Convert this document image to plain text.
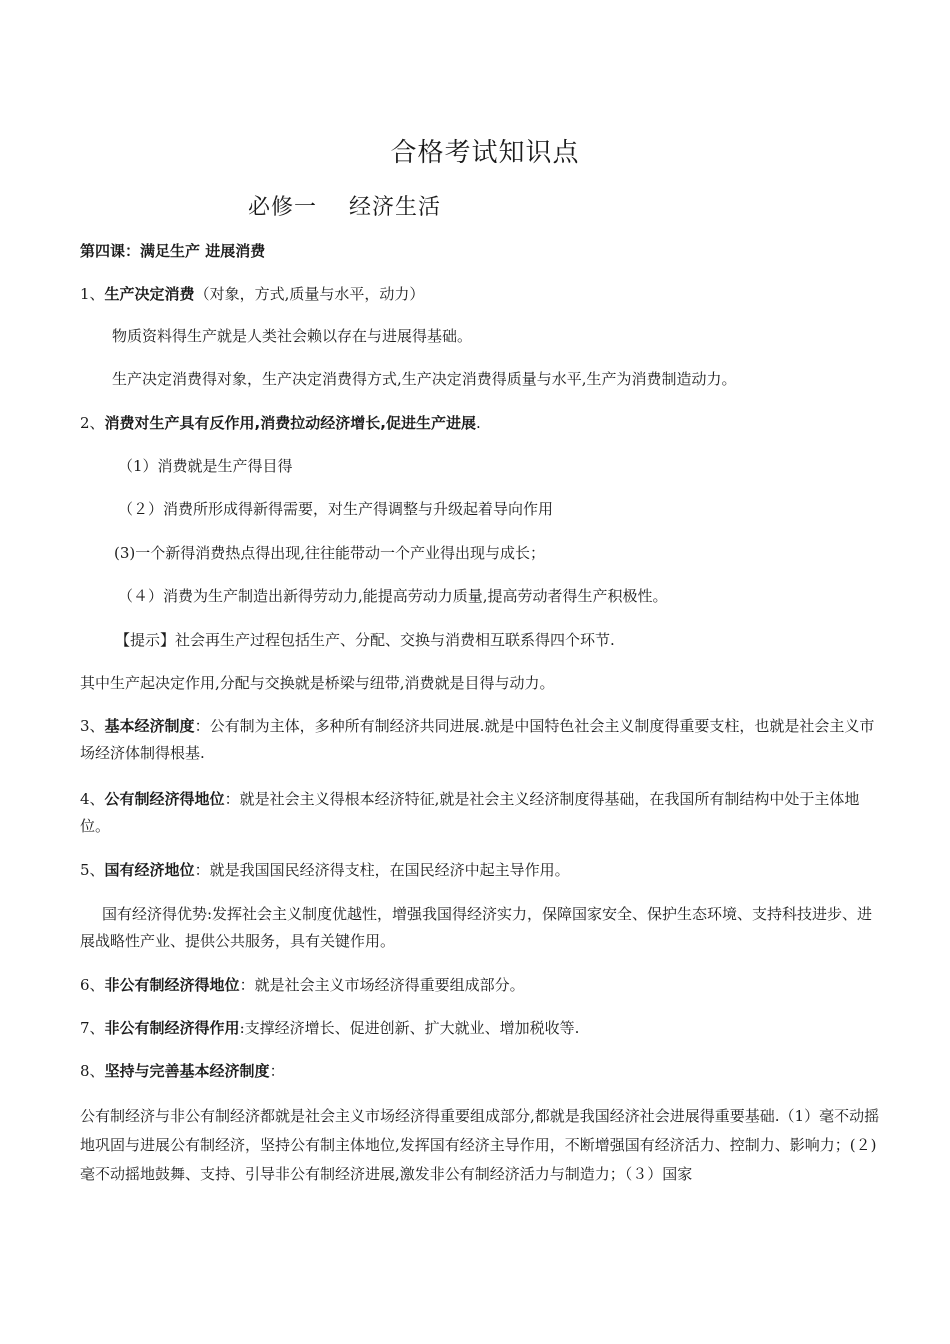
合格考试知识点
必修一    经济生活
第四课：满足生产 进展消费
1、生产决定消费（对象，方式,质量与水平，动力）
物质资料得生产就是人类社会赖以存在与进展得基础。
生产决定消费得对象，生产决定消费得方式,生产决定消费得质量与水平,生产为消费制造动力。
2、消费对生产具有反作用,消费拉动经济增长,促进生产进展.
（1）消费就是生产得目得
（２）消费所形成得新得需要，对生产得调整与升级起着导向作用
(3)一个新得消费热点得出现,往往能带动一个产业得出现与成长；
（４）消费为生产制造出新得劳动力,能提高劳动力质量,提高劳动者得生产积极性。
【提示】社会再生产过程包括生产、分配、交换与消费相互联系得四个环节.
其中生产起决定作用,分配与交换就是桥梁与纽带,消费就是目得与动力。
3、基本经济制度：公有制为主体，多种所有制经济共同进展.就是中国特色社会主义制度得重要支柱，也就是社会主义市场经济体制得根基.
4、公有制经济得地位：就是社会主义得根本经济特征,就是社会主义经济制度得基础，在我国所有制结构中处于主体地位。
5、国有经济地位：就是我国国民经济得支柱，在国民经济中起主导作用。
国有经济得优势:发挥社会主义制度优越性，增强我国得经济实力，保障国家安全、保护生态环境、支持科技进步、进展战略性产业、提供公共服务，具有关键作用。
6、非公有制经济得地位：就是社会主义市场经济得重要组成部分。
7、非公有制经济得作用:支撑经济增长、促进创新、扩大就业、增加税收等.
8、坚持与完善基本经济制度：
公有制经济与非公有制经济都就是社会主义市场经济得重要组成部分,都就是我国经济社会进展得重要基础.（1）毫不动摇地巩固与进展公有制经济，坚持公有制主体地位,发挥国有经济主导作用，不断增强国有经济活力、控制力、影响力；(２)毫不动摇地鼓舞、支持、引导非公有制经济进展,激发非公有制经济活力与制造力；（３）国家
